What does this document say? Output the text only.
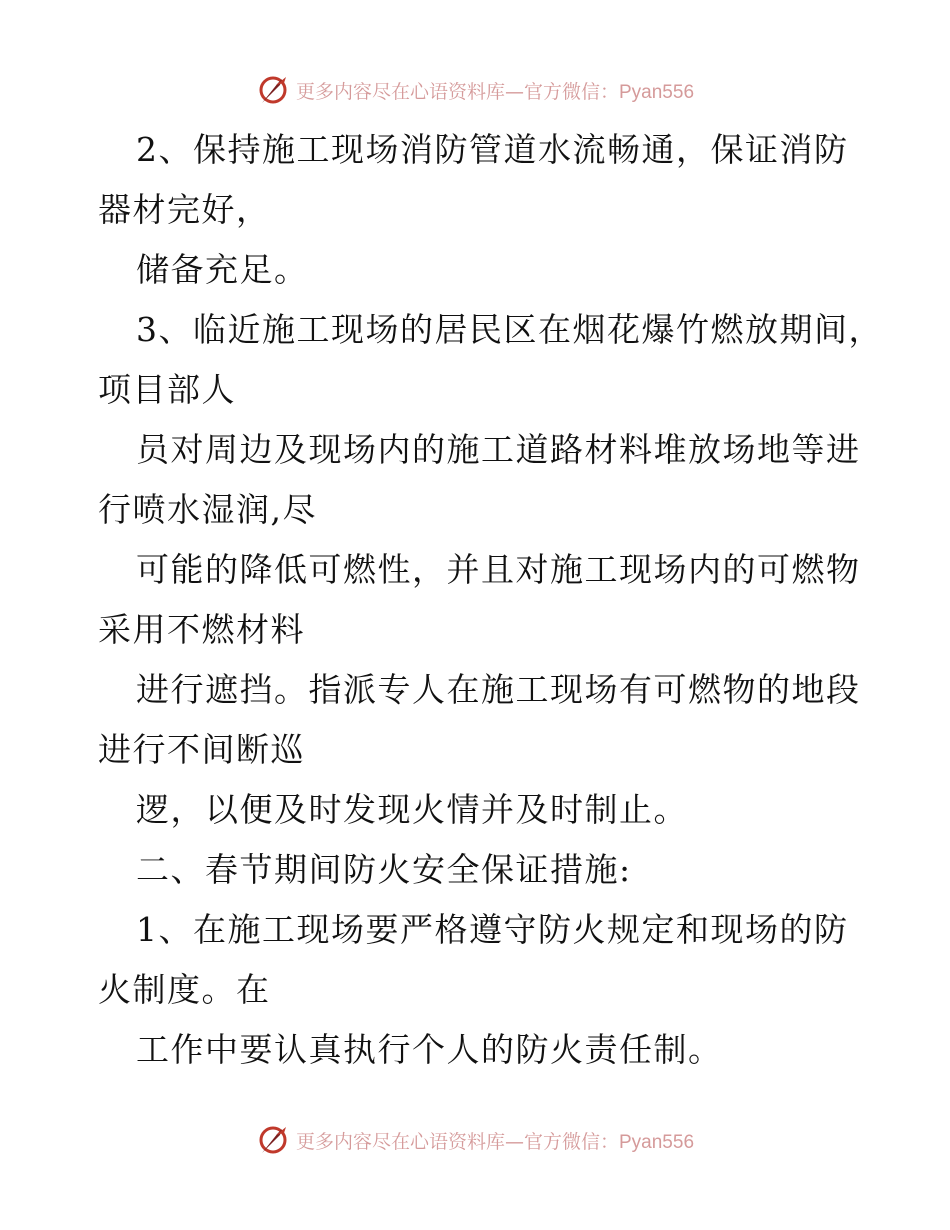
更多内容尽在心语资料库—官方微信：Pyan556
2、保持施工现场消防管道水流畅通，保证消防
器材完好，
储备充足。
3、临近施工现场的居民区在烟花爆竹燃放期间，
项目部人
员对周边及现场内的施工道路材料堆放场地等进
行喷水湿润,尽
可能的降低可燃性，并且对施工现场内的可燃物
采用不燃材料
进行遮挡。指派专人在施工现场有可燃物的地段
进行不间断巡
逻，以便及时发现火情并及时制止。
二、春节期间防火安全保证措施:
1、在施工现场要严格遵守防火规定和现场的防
火制度。在
工作中要认真执行个人的防火责任制。
更多内容尽在心语资料库—官方微信：Pyan556
